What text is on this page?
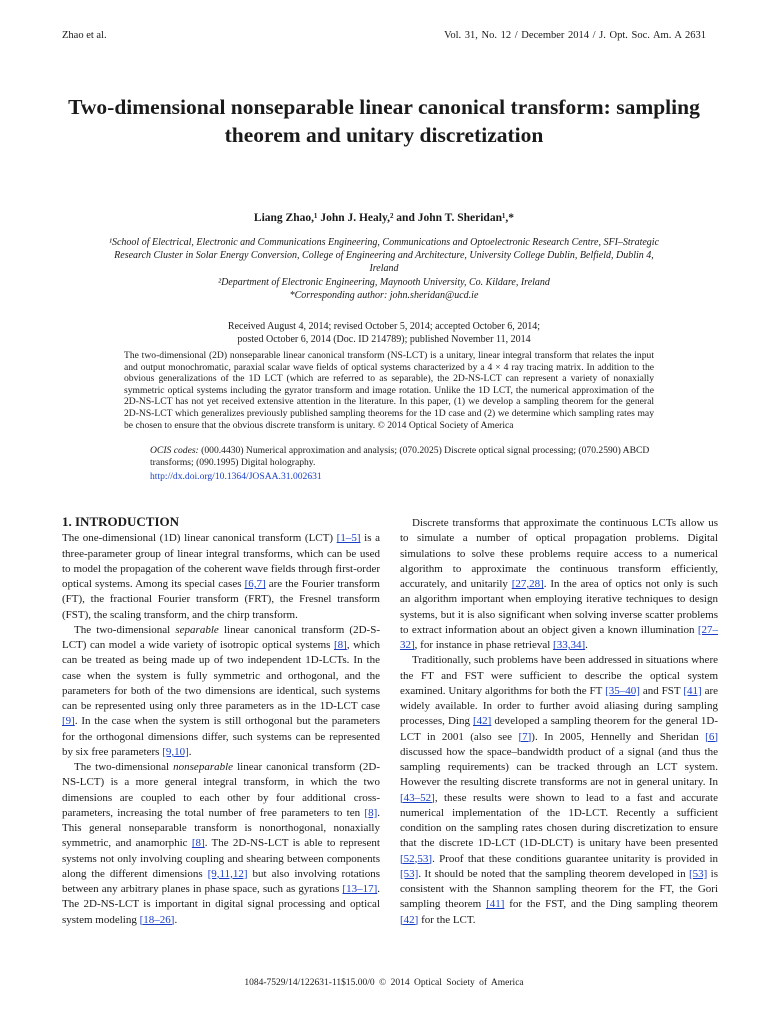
Zhao et al.	Vol. 31, No. 12 / December 2014 / J. Opt. Soc. Am. A 2631
Two-dimensional nonseparable linear canonical transform: sampling theorem and unitary discretization
Liang Zhao,¹ John J. Healy,² and John T. Sheridan¹,*
¹School of Electrical, Electronic and Communications Engineering, Communications and Optoelectronic Research Centre, SFI–Strategic Research Cluster in Solar Energy Conversion, College of Engineering and Architecture, University College Dublin, Belfield, Dublin 4, Ireland
²Department of Electronic Engineering, Maynooth University, Co. Kildare, Ireland
*Corresponding author: john.sheridan@ucd.ie
Received August 4, 2014; revised October 5, 2014; accepted October 6, 2014;
posted October 6, 2014 (Doc. ID 214789); published November 11, 2014
The two-dimensional (2D) nonseparable linear canonical transform (NS-LCT) is a unitary, linear integral transform that relates the input and output monochromatic, paraxial scalar wave fields of optical systems characterized by a 4 × 4 ray tracing matrix. In addition to the obvious generalizations of the 1D LCT (which are referred to as separable), the 2D-NS-LCT can represent a variety of nonaxially symmetric optical systems including the gyrator transform and image rotation. Unlike the 1D LCT, the numerical approximation of the 2D-NS-LCT has not yet received extensive attention in the literature. In this paper, (1) we develop a sampling theorem for the general 2D-NS-LCT which generalizes previously published sampling theorems for the 1D case and (2) we determine which sampling rates may be chosen to ensure that the obvious discrete transform is unitary. © 2014 Optical Society of America
OCIS codes: (000.4430) Numerical approximation and analysis; (070.2025) Discrete optical signal processing; (070.2590) ABCD transforms; (090.1995) Digital holography.
http://dx.doi.org/10.1364/JOSAA.31.002631
1. INTRODUCTION

The one-dimensional (1D) linear canonical transform (LCT) [1–5] is a three-parameter group of linear integral transforms, which can be used to model the propagation of the coherent wave fields through first-order optical systems. Among its special cases [6,7] are the Fourier transform (FT), the fractional Fourier transform (FRT), the Fresnel transform (FST), the scaling transform, and the chirp transform.

The two-dimensional separable linear canonical transform (2D-S-LCT) can model a wide variety of isotropic optical systems [8], which can be treated as being made up of two independent 1D-LCTs. In the case when the system is fully symmetric and orthogonal, and the parameters for both of the two dimensions are identical, such systems can be represented using only three parameters as in the 1D-LCT case [9]. In the case when the system is still orthogonal but the parameters for the orthogonal dimensions differ, such systems can be represented by six free parameters [9,10].

The two-dimensional nonseparable linear canonical transform (2D-NS-LCT) is a more general integral transform, in which the two dimensions are coupled to each other by four additional cross-parameters, increasing the total number of free parameters to ten [8]. This general nonseparable transform is nonorthogonal, nonaxially symmetric, and anamorphic [8]. The 2D-NS-LCT is able to represent systems not only involving coupling and shearing between components along the different dimensions [9,11,12] but also involving rotations between any arbitrary planes in phase space, such as gyrations [13–17]. The 2D-NS-LCT is important in digital signal processing and optical system modeling [18–26].

Discrete transforms that approximate the continuous LCTs allow us to simulate a number of optical propagation problems. Digital simulations to solve these problems require access to a numerical algorithm to approximate the continuous transform efficiently, accurately, and unitarily [27,28]. In the area of optics not only is such an algorithm important when employing iterative techniques to design systems, but it is also significant when solving inverse scatter problems to extract information about an object given a known illumination [27–32], for instance in phase retrieval [33,34].

Traditionally, such problems have been addressed in situations where the FT and FST were sufficient to describe the optical system examined. Unitary algorithms for both the FT [35–40] and FST [41] are widely available. In order to further avoid aliasing during sampling processes, Ding [42] developed a sampling theorem for the general 1D-LCT in 2001 (also see [7]). In 2005, Hennelly and Sheridan [6] discussed how the space–bandwidth product of a signal (and thus the sampling requirements) can be tracked through an LCT system. However the resulting discrete transforms are not in general unitary. In [43–52], these results were shown to lead to a fast and accurate numerical implementation of the 1D-LCT. Recently a sufficient condition on the sampling rates chosen during discretization to ensure that the discrete 1D-LCT (1D-DLCT) is unitary have been presented [52,53]. Proof that these conditions guarantee unitarity is provided in [53]. It should be noted that the sampling theorem developed in [53] is consistent with the Shannon sampling theorem for the FT, the Gori sampling theorem [41] for the FST, and the Ding sampling theorem [42] for the LCT.

1084-7529/14/122631-11$15.00/0 © 2014 Optical Society of America
